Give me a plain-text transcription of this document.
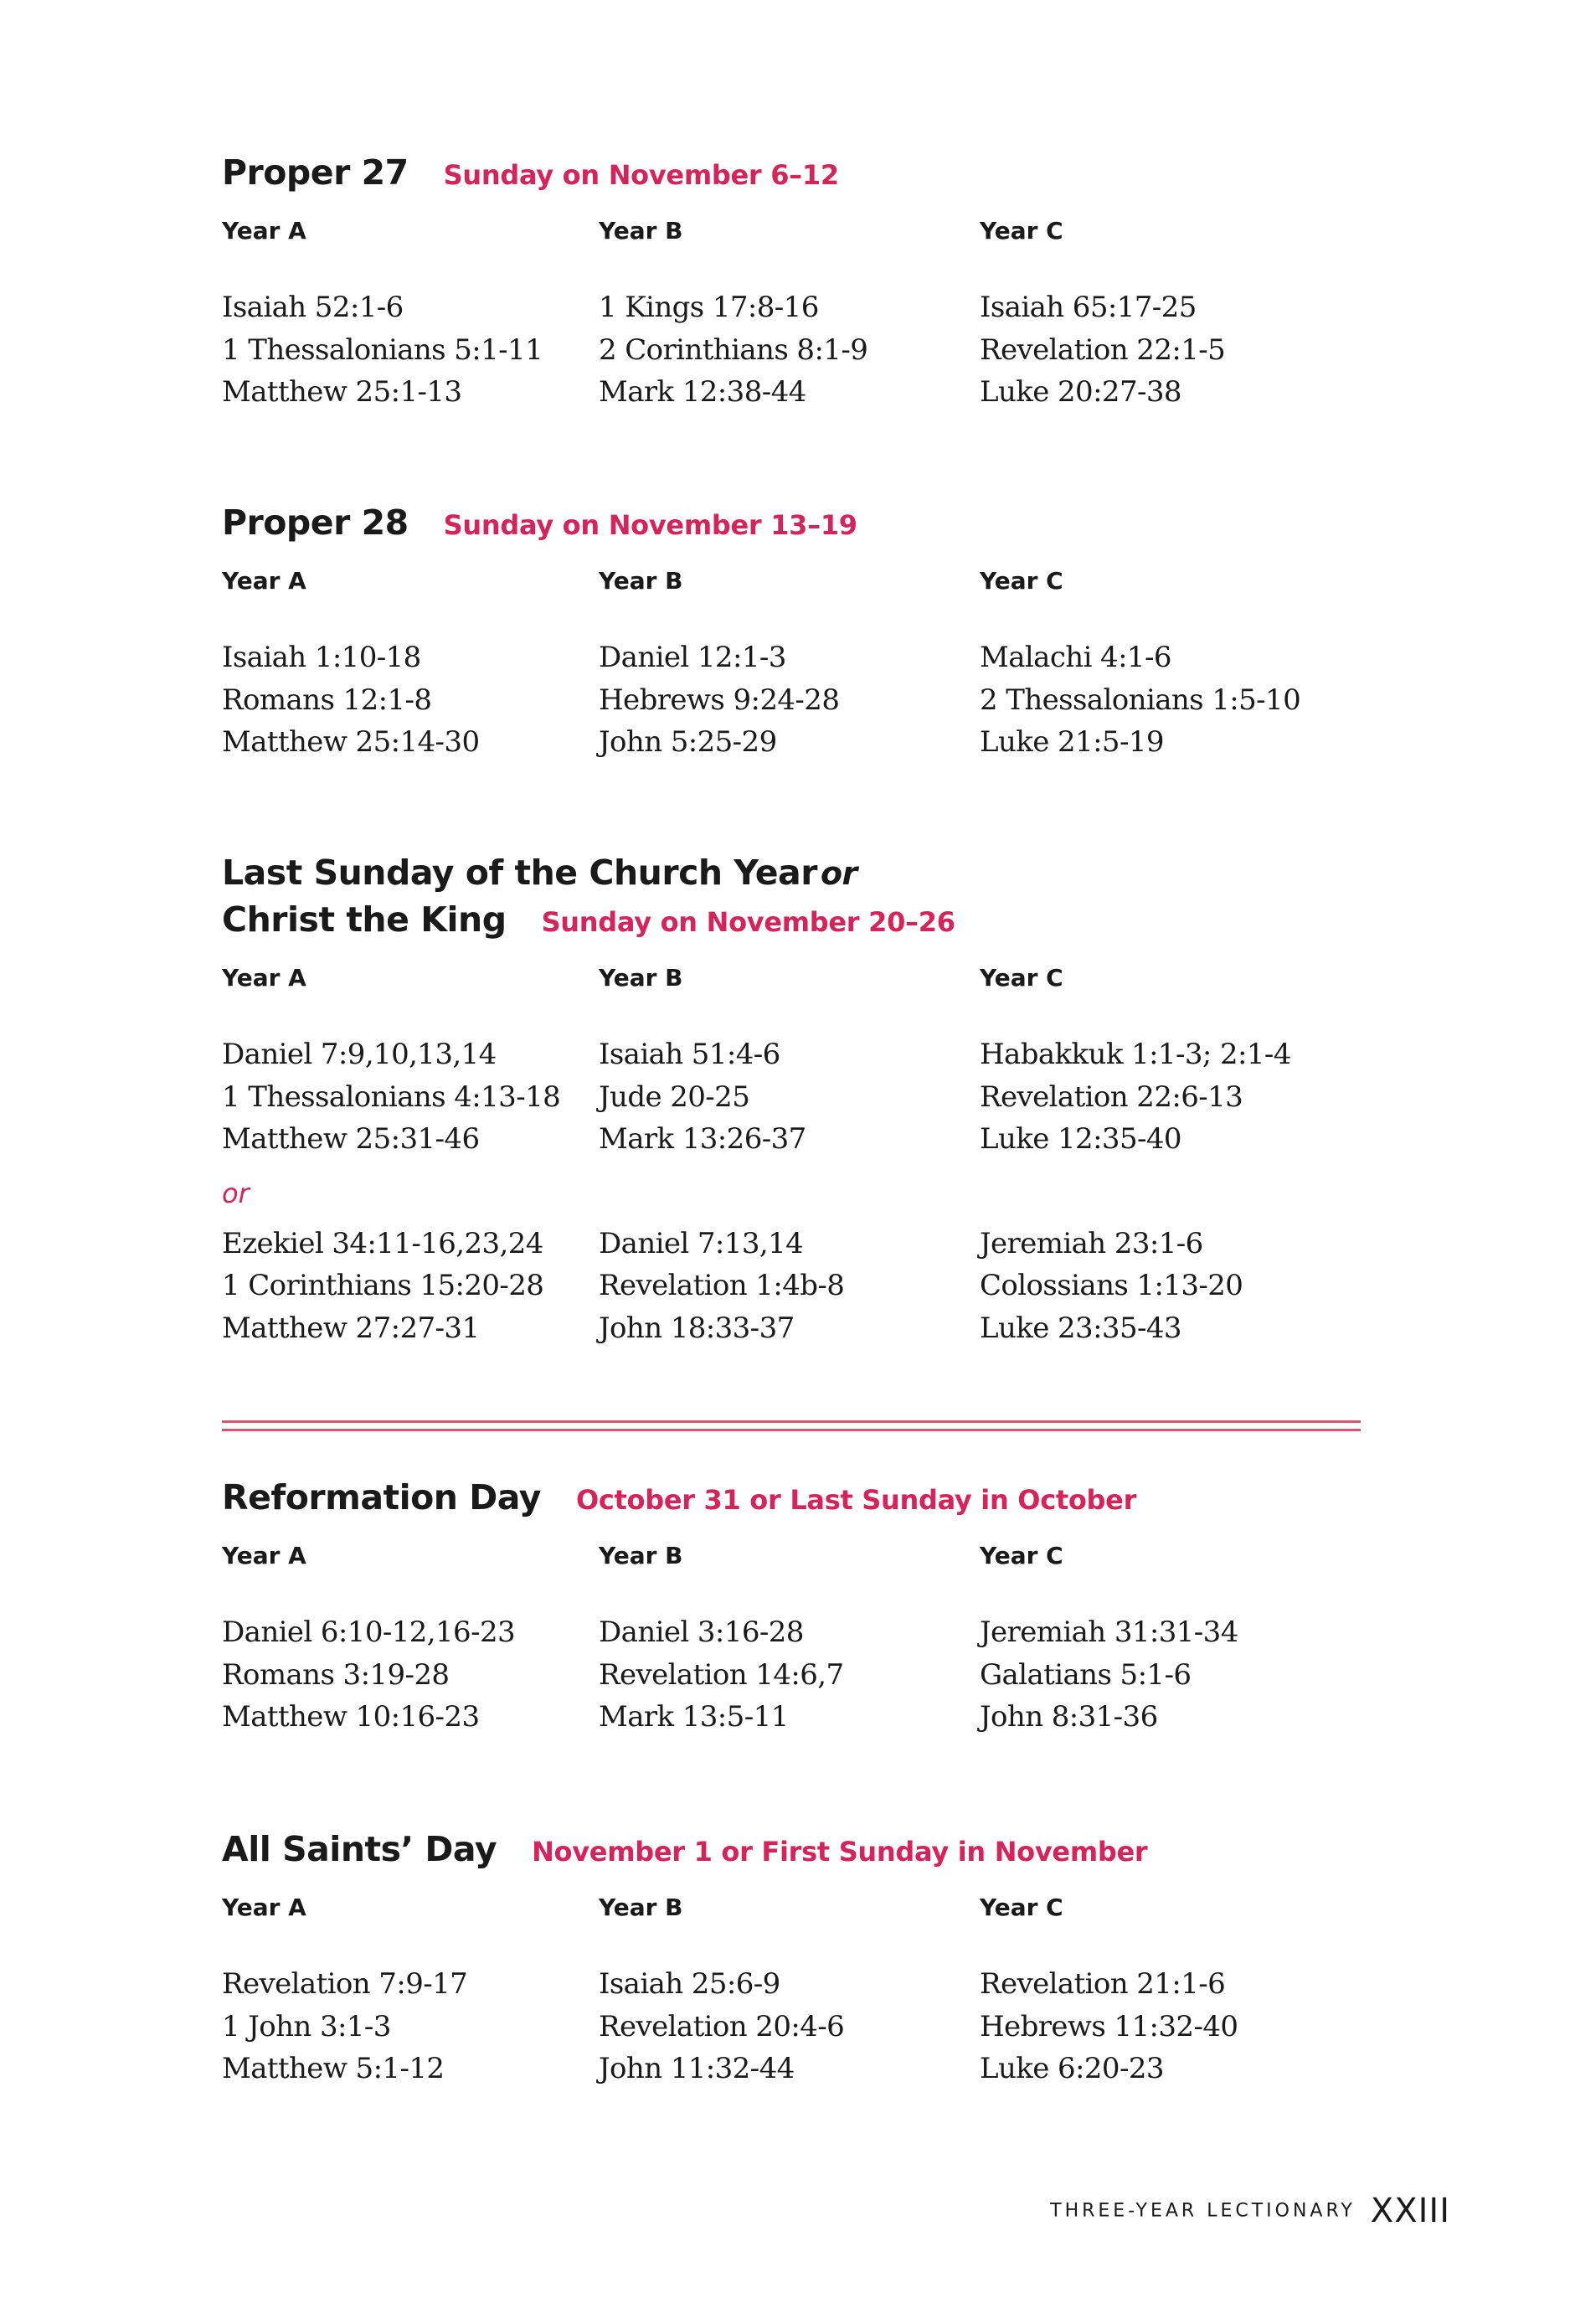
Proper 27 Sunday on November 6–12
Year A
Isaiah 52:1-6
1 Thessalonians 5:1-11
Matthew 25:1-13
Year B
1 Kings 17:8-16
2 Corinthians 8:1-9
Mark 12:38-44
Year C
Isaiah 65:17-25
Revelation 22:1-5
Luke 20:27-38
Proper 28 Sunday on November 13–19
Year A
Isaiah 1:10-18
Romans 12:1-8
Matthew 25:14-30
Year B
Daniel 12:1-3
Hebrews 9:24-28
John 5:25-29
Year C
Malachi 4:1-6
2 Thessalonians 1:5-10
Luke 21:5-19
Last Sunday of the Church Year or
Christ the King Sunday on November 20–26
Year A
Daniel 7:9,10,13,14
1 Thessalonians 4:13-18
Matthew 25:31-46
Ezekiel 34:11-16,23,24
1 Corinthians 15:20-28
Matthew 27:27-31
Year B
Isaiah 51:4-6
Jude 20-25
Mark 13:26-37
Daniel 7:13,14
Revelation 1:4b-8
John 18:33-37
Year C
Habakkuk 1:1-3; 2:1-4
Revelation 22:6-13
Luke 12:35-40
Jeremiah 23:1-6
Colossians 1:13-20
Luke 23:35-43
or
Reformation Day October 31 or Last Sunday in October
Year A
Daniel 6:10-12,16-23
Romans 3:19-28
Matthew 10:16-23
Year B
Daniel 3:16-28
Revelation 14:6,7
Mark 13:5-11
Year C
Jeremiah 31:31-34
Galatians 5:1-6
John 8:31-36
All Saints’ Day November 1 or First Sunday in November
Year A
Revelation 7:9-17
1 John 3:1-3
Matthew 5:1-12
Year B
Isaiah 25:6-9
Revelation 20:4-6
John 11:32-44
Year C
Revelation 21:1-6
Hebrews 11:32-40
Luke 6:20-23
THREE-YEAR LECTIONARY XXIII
